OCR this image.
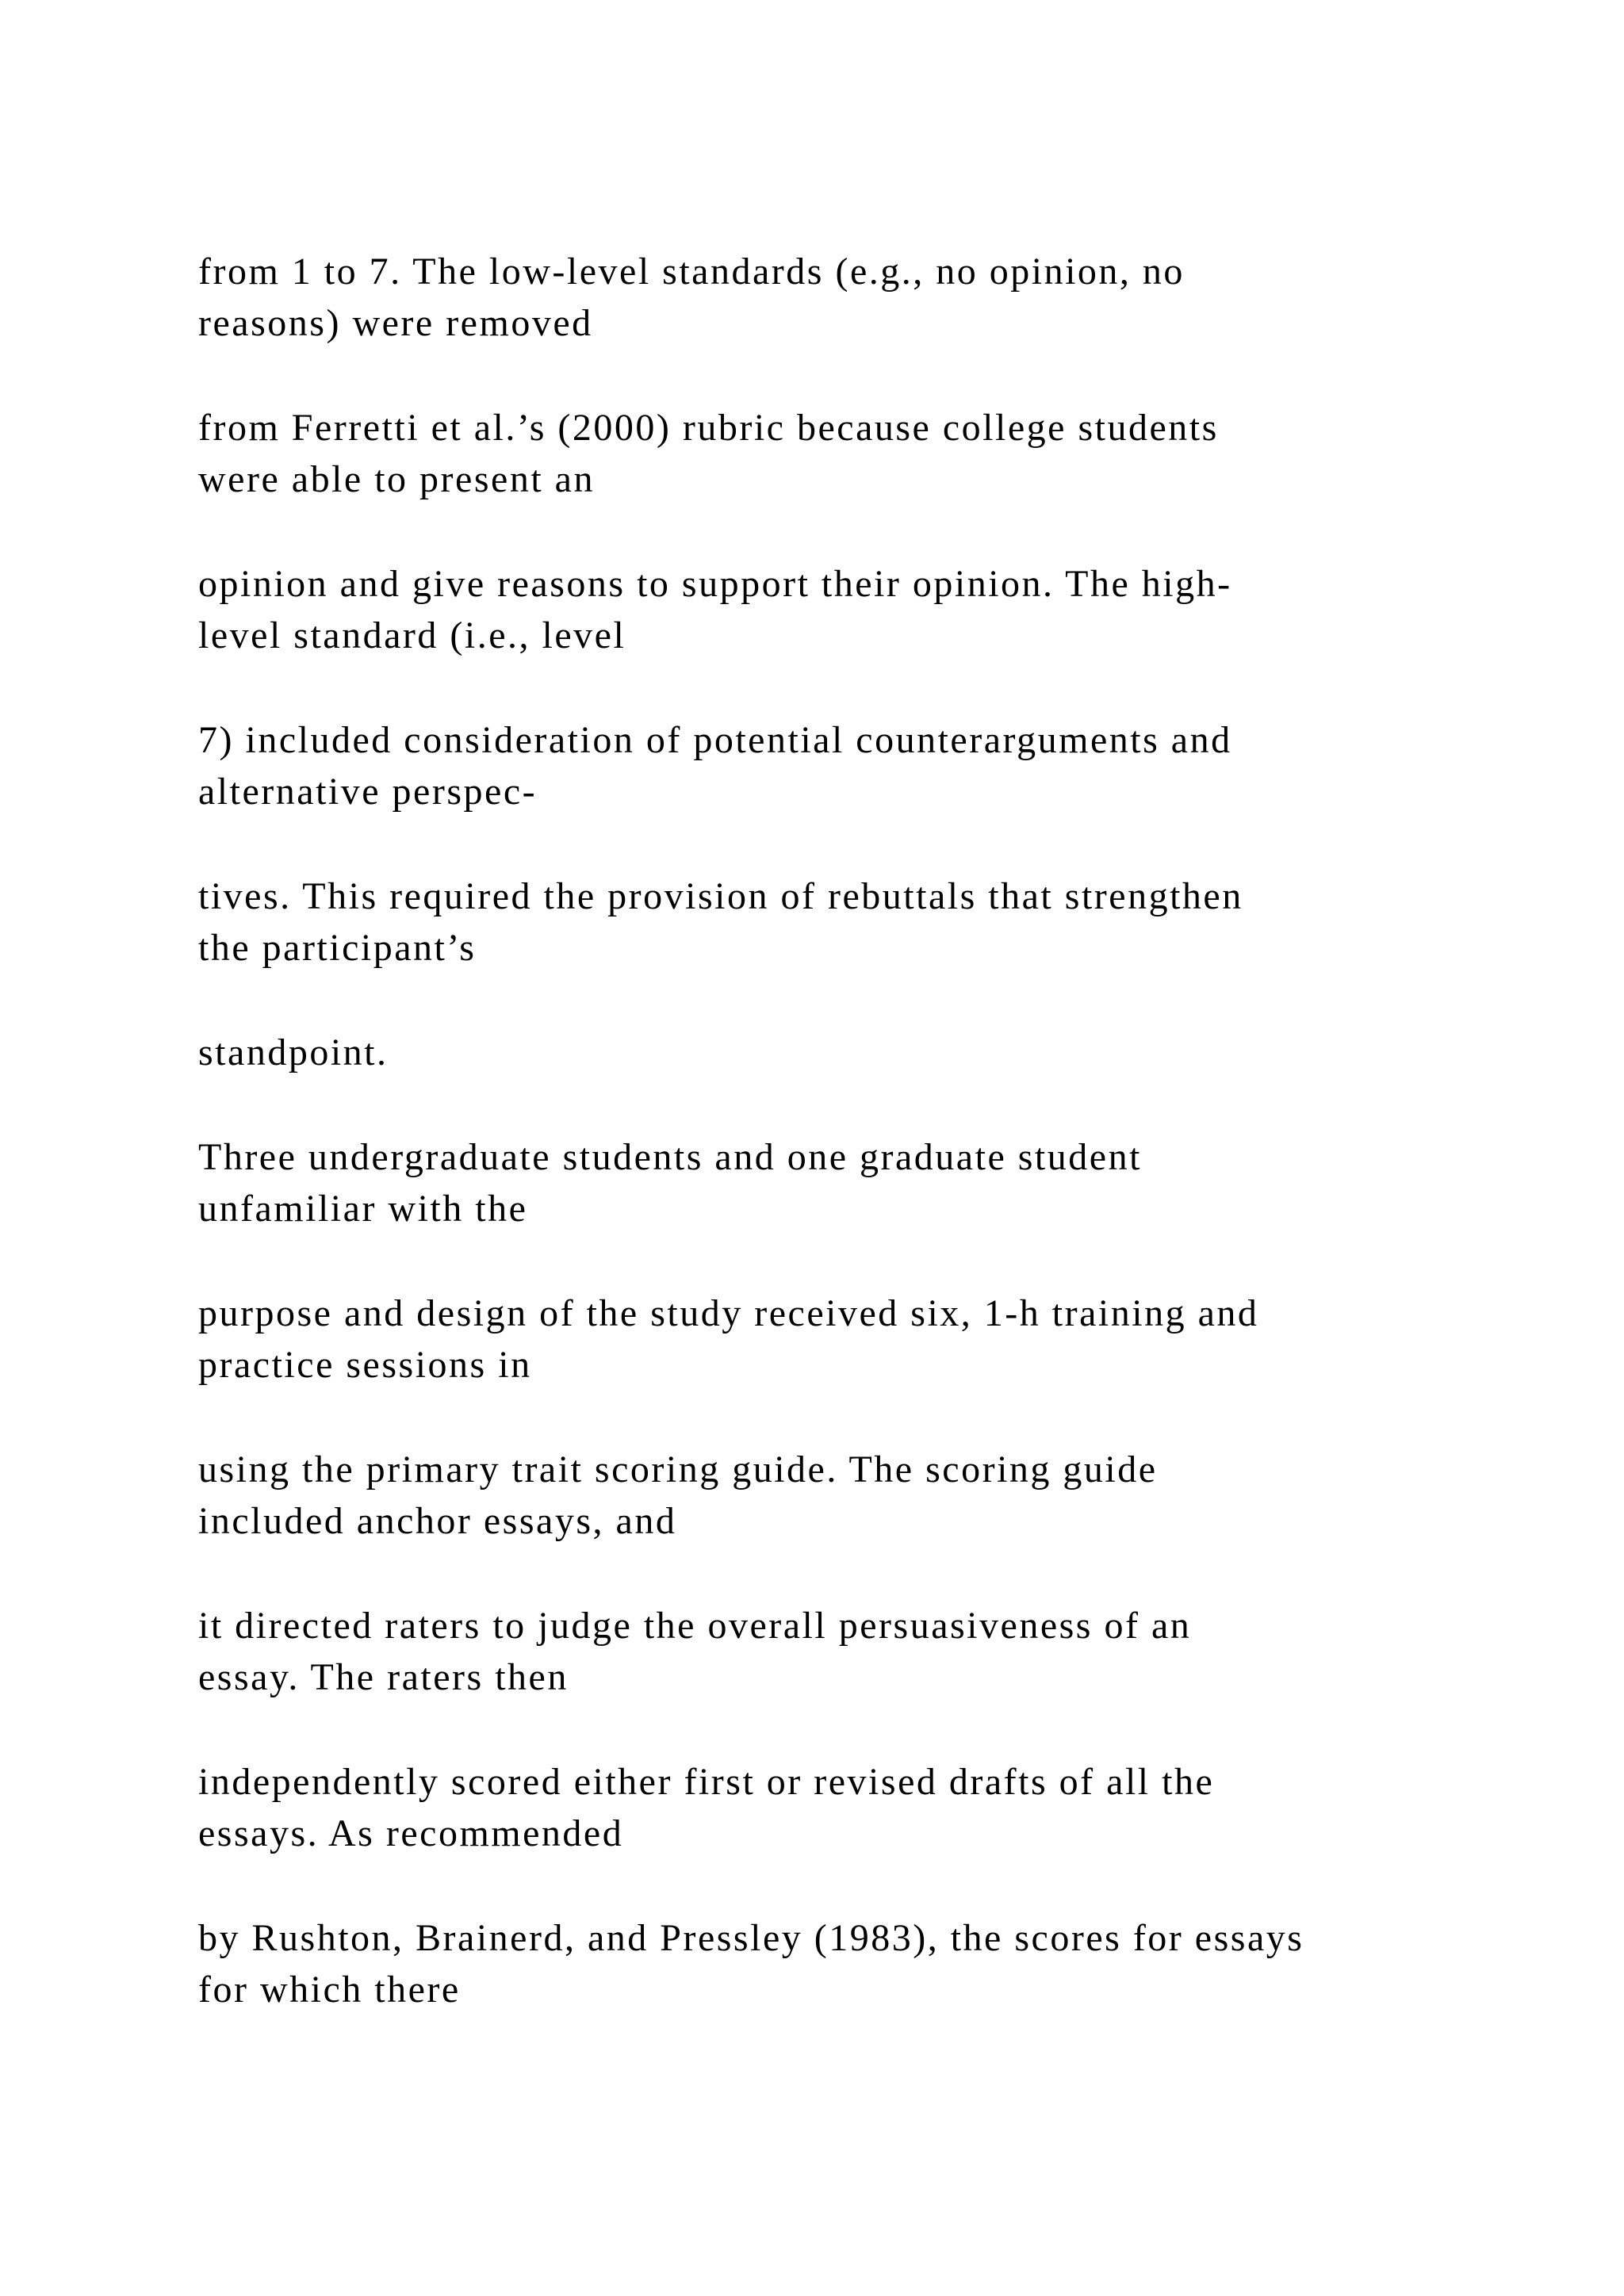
from 1 to 7. The low-level standards (e.g., no opinion, no
reasons) were removed

from Ferretti et al.’s (2000) rubric because college students
were able to present an

opinion and give reasons to support their opinion. The high-
level standard (i.e., level

7) included consideration of potential counterarguments and
alternative perspec-

tives. This required the provision of rebuttals that strengthen
the participant’s

standpoint.

Three undergraduate students and one graduate student
unfamiliar with the

purpose and design of the study received six, 1-h training and
practice sessions in

using the primary trait scoring guide. The scoring guide
included anchor essays, and

it directed raters to judge the overall persuasiveness of an
essay. The raters then

independently scored either first or revised drafts of all the
essays. As recommended

by Rushton, Brainerd, and Pressley (1983), the scores for essays
for which there
